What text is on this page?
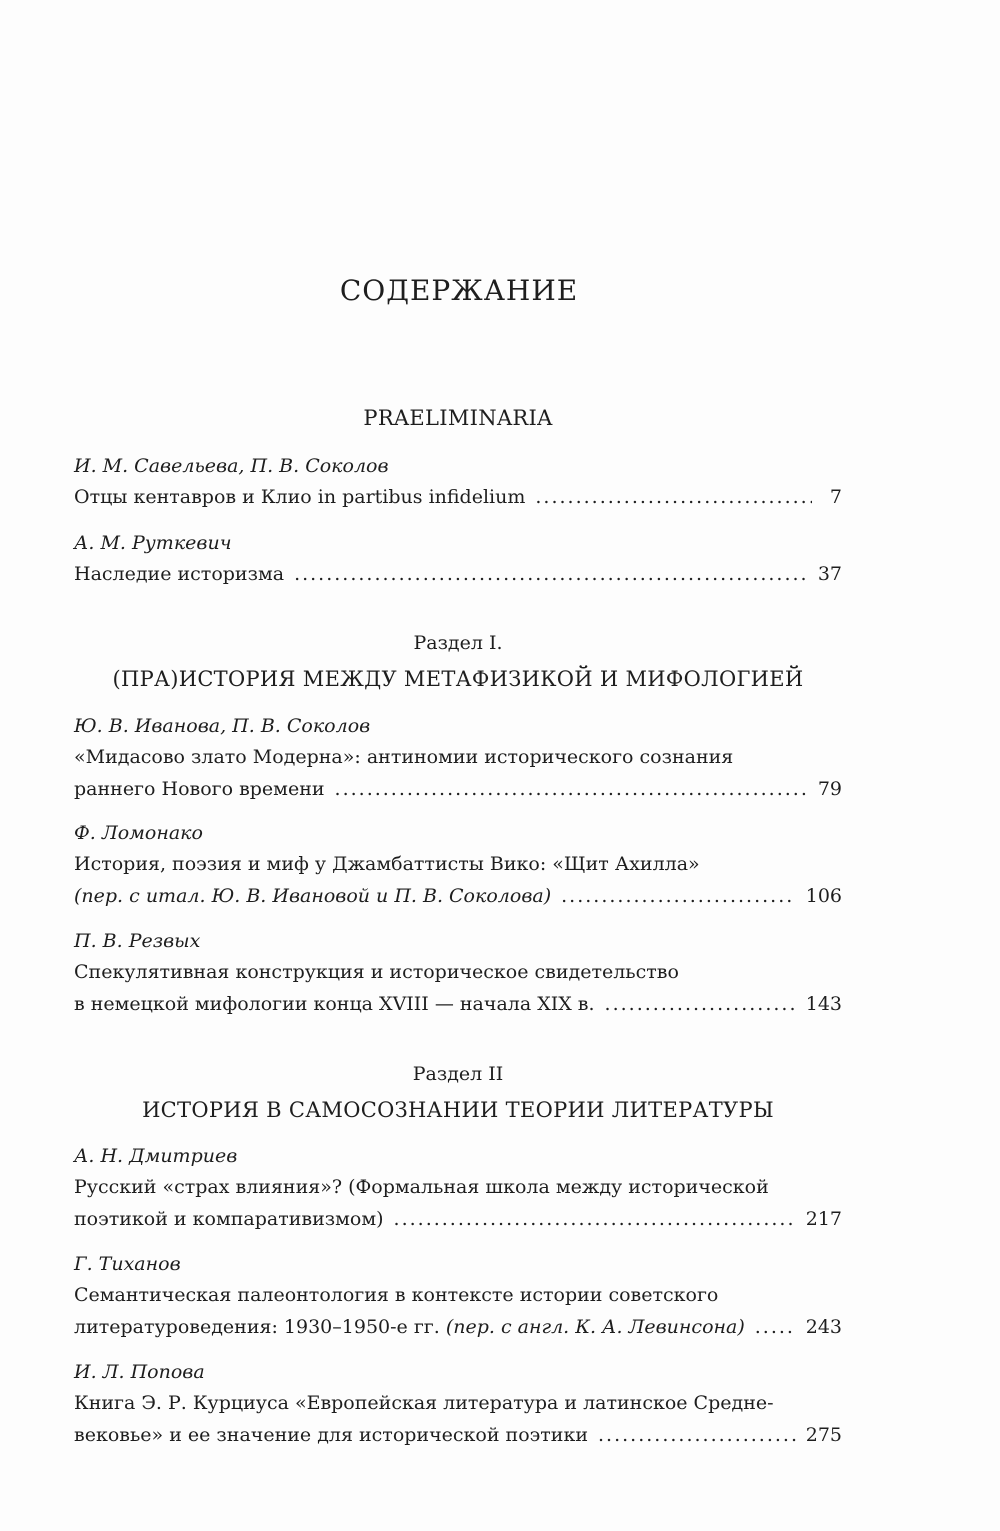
СОДЕРЖАНИЕ
PRAELIMINARIA
И. М. Савельева, П. В. Соколов
Отцы кентавров и Клио in partibus infidelium .....	7
А. М. Руткевич
Наследие историзма .....	37
Раздел I.
(ПРА)ИСТОРИЯ МЕЖДУ МЕТАФИЗИКОЙ И МИФОЛОГИЕЙ
Ю. В. Иванова, П. В. Соколов
«Мидасово злато Модерна»: антиномии исторического сознания
раннего Нового времени .....	79
Ф. Ломонако
История, поэзия и миф у Джамбаттисты Вико: «Щит Ахилла»
(пер. с итал. Ю. В. Ивановой и П. В. Соколова) .....	106
П. В. Резвых
Спекулятивная конструкция и историческое свидетельство
в немецкой мифологии конца XVIII — начала XIX в. .....	143
Раздел II
ИСТОРИЯ В САМОСОЗНАНИИ ТЕОРИИ ЛИТЕРАТУРЫ
А. Н. Дмитриев
Русский «страх влияния»? (Формальная школа между исторической
поэтикой и компаративизмом) .....	217
Г. Тиханов
Семантическая палеонтология в контексте истории советского
литературоведения: 1930–1950-е гг. (пер. с англ. К. А. Левинсона) .....	243
И. Л. Попова
Книга Э. Р. Курциуса «Европейская литература и латинское Средне-
вековье» и ее значение для исторической поэтики .....	275
